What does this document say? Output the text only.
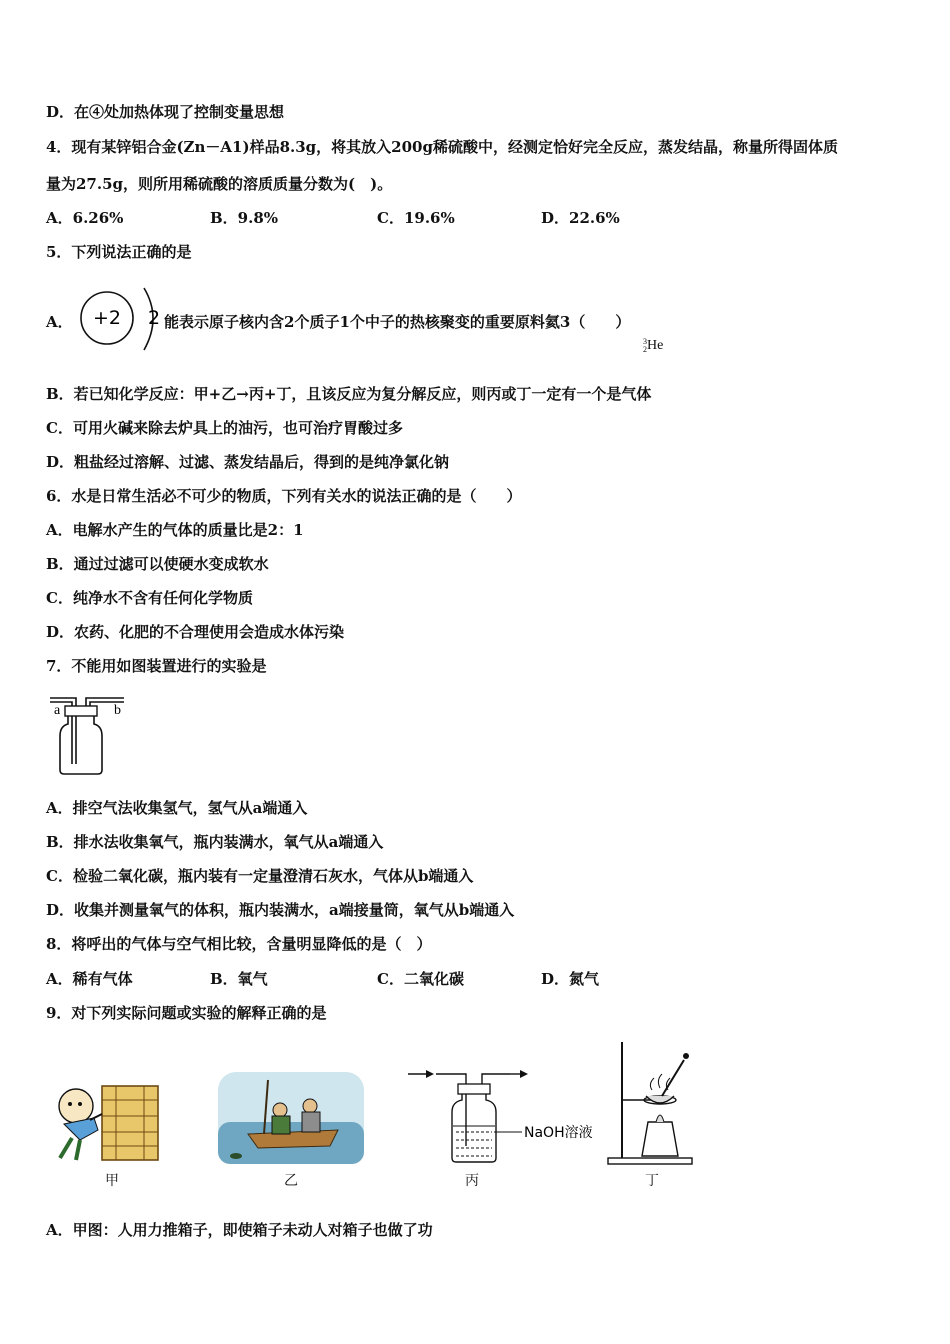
D．在④处加热体现了控制变量思想
4．现有某锌铝合金(Zn－A1)样品8.3g，将其放入200g稀硫酸中，经测定恰好完全反应，蒸发结晶，称量所得固体质
量为27.5g，则所用稀硫酸的溶质质量分数为(　)。
A．6.26%	B．9.8%	C．19.6%	D．22.6%
5．下列说法正确的是
A． +2 2 能表示原子核内含2个质子1个中子的热核聚变的重要原料氦3（　　）
3
2 He
B．若已知化学反应：甲+乙→丙+丁，且该反应为复分解反应，则丙或丁一定有一个是气体
C．可用火碱来除去炉具上的油污，也可治疗胃酸过多
D．粗盐经过溶解、过滤、蒸发结晶后，得到的是纯净氯化钠
6．水是日常生活必不可少的物质，下列有关水的说法正确的是（　　）
A．电解水产生的气体的质量比是2：1
B．通过过滤可以使硬水变成软水
C．纯净水不含有任何化学物质
D．农药、化肥的不合理使用会造成水体污染
7．不能用如图装置进行的实验是
a	b
A．排空气法收集氢气，氢气从a端通入
B．排水法收集氧气，瓶内装满水，氧气从a端通入
C．检验二氧化碳，瓶内装有一定量澄清石灰水，气体从b端通入
D．收集并测量氧气的体积，瓶内装满水，a端接量筒，氧气从b端通入
8．将呼出的气体与空气相比较，含量明显降低的是（　）
A．稀有气体	B．氧气	C．二氧化碳	D．氮气
9．对下列实际问题或实验的解释正确的是
甲	乙
NaOH溶液
丙	丁
A．甲图：人用力推箱子，即使箱子未动人对箱子也做了功
